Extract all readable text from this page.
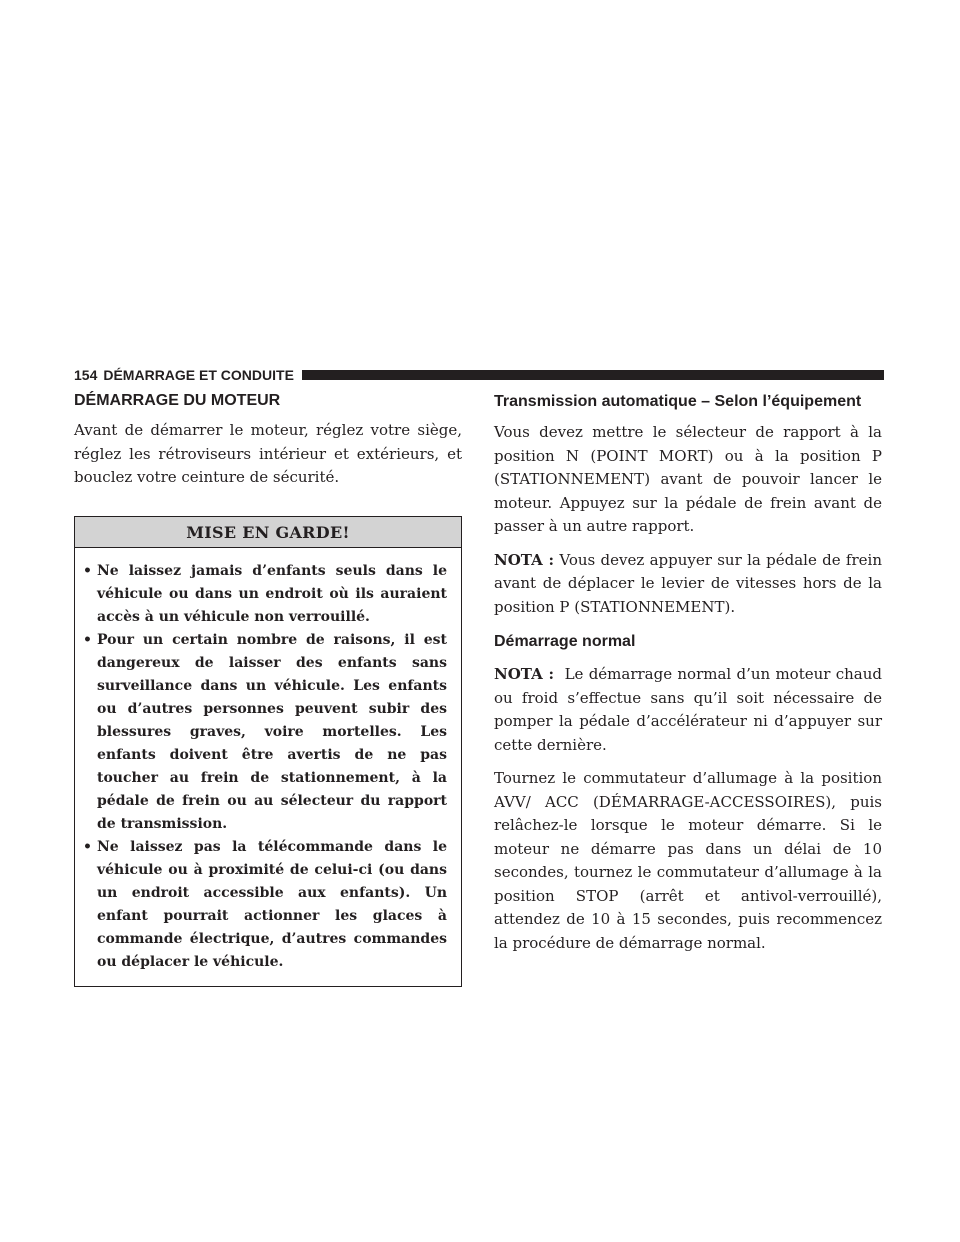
154 DÉMARRAGE ET CONDUITE
DÉMARRAGE DU MOTEUR

Avant de démarrer le moteur, réglez votre siège, réglez les rétroviseurs intérieur et extérieurs, et bouclez votre ceinture de sécurité.

MISE EN GARDE!
• Ne laissez jamais d’enfants seuls dans le véhicule ou dans un endroit où ils auraient accès à un véhicule non verrouillé.
• Pour un certain nombre de raisons, il est dangereux de laisser des enfants sans surveillance dans un véhicule. Les enfants ou d’autres personnes peuvent subir des blessures graves, voire mortelles. Les enfants doivent être avertis de ne pas toucher au frein de stationnement, à la pédale de frein ou au sélecteur du rapport de transmission.
• Ne laissez pas la télécommande dans le véhicule ou à proximité de celui-ci (ou dans un endroit accessible aux enfants). Un enfant pourrait actionner les glaces à commande électrique, d’autres commandes ou déplacer le véhicule.
Transmission automatique – Selon l’équipement

Vous devez mettre le sélecteur de rapport à la position N (POINT MORT) ou à la position P (STATIONNEMENT) avant de pouvoir lancer le moteur. Appuyez sur la pédale de frein avant de passer à un autre rapport.

NOTA : Vous devez appuyer sur la pédale de frein avant de déplacer le levier de vitesses hors de la position P (STATIONNEMENT).

Démarrage normal

NOTA :  Le démarrage normal d’un moteur chaud ou froid s’effectue sans qu’il soit nécessaire de pomper la pédale d’accélérateur ni d’appuyer sur cette dernière.

Tournez le commutateur d’allumage à la position AVV/ ACC (DÉMARRAGE-ACCESSOIRES), puis relâchez-le lorsque le moteur démarre. Si le moteur ne démarre pas dans un délai de 10 secondes, tournez le commutateur d’allumage à la position STOP (arrêt et antivol-verrouillé), attendez de 10 à 15 secondes, puis recommencez la procédure de démarrage normal.
